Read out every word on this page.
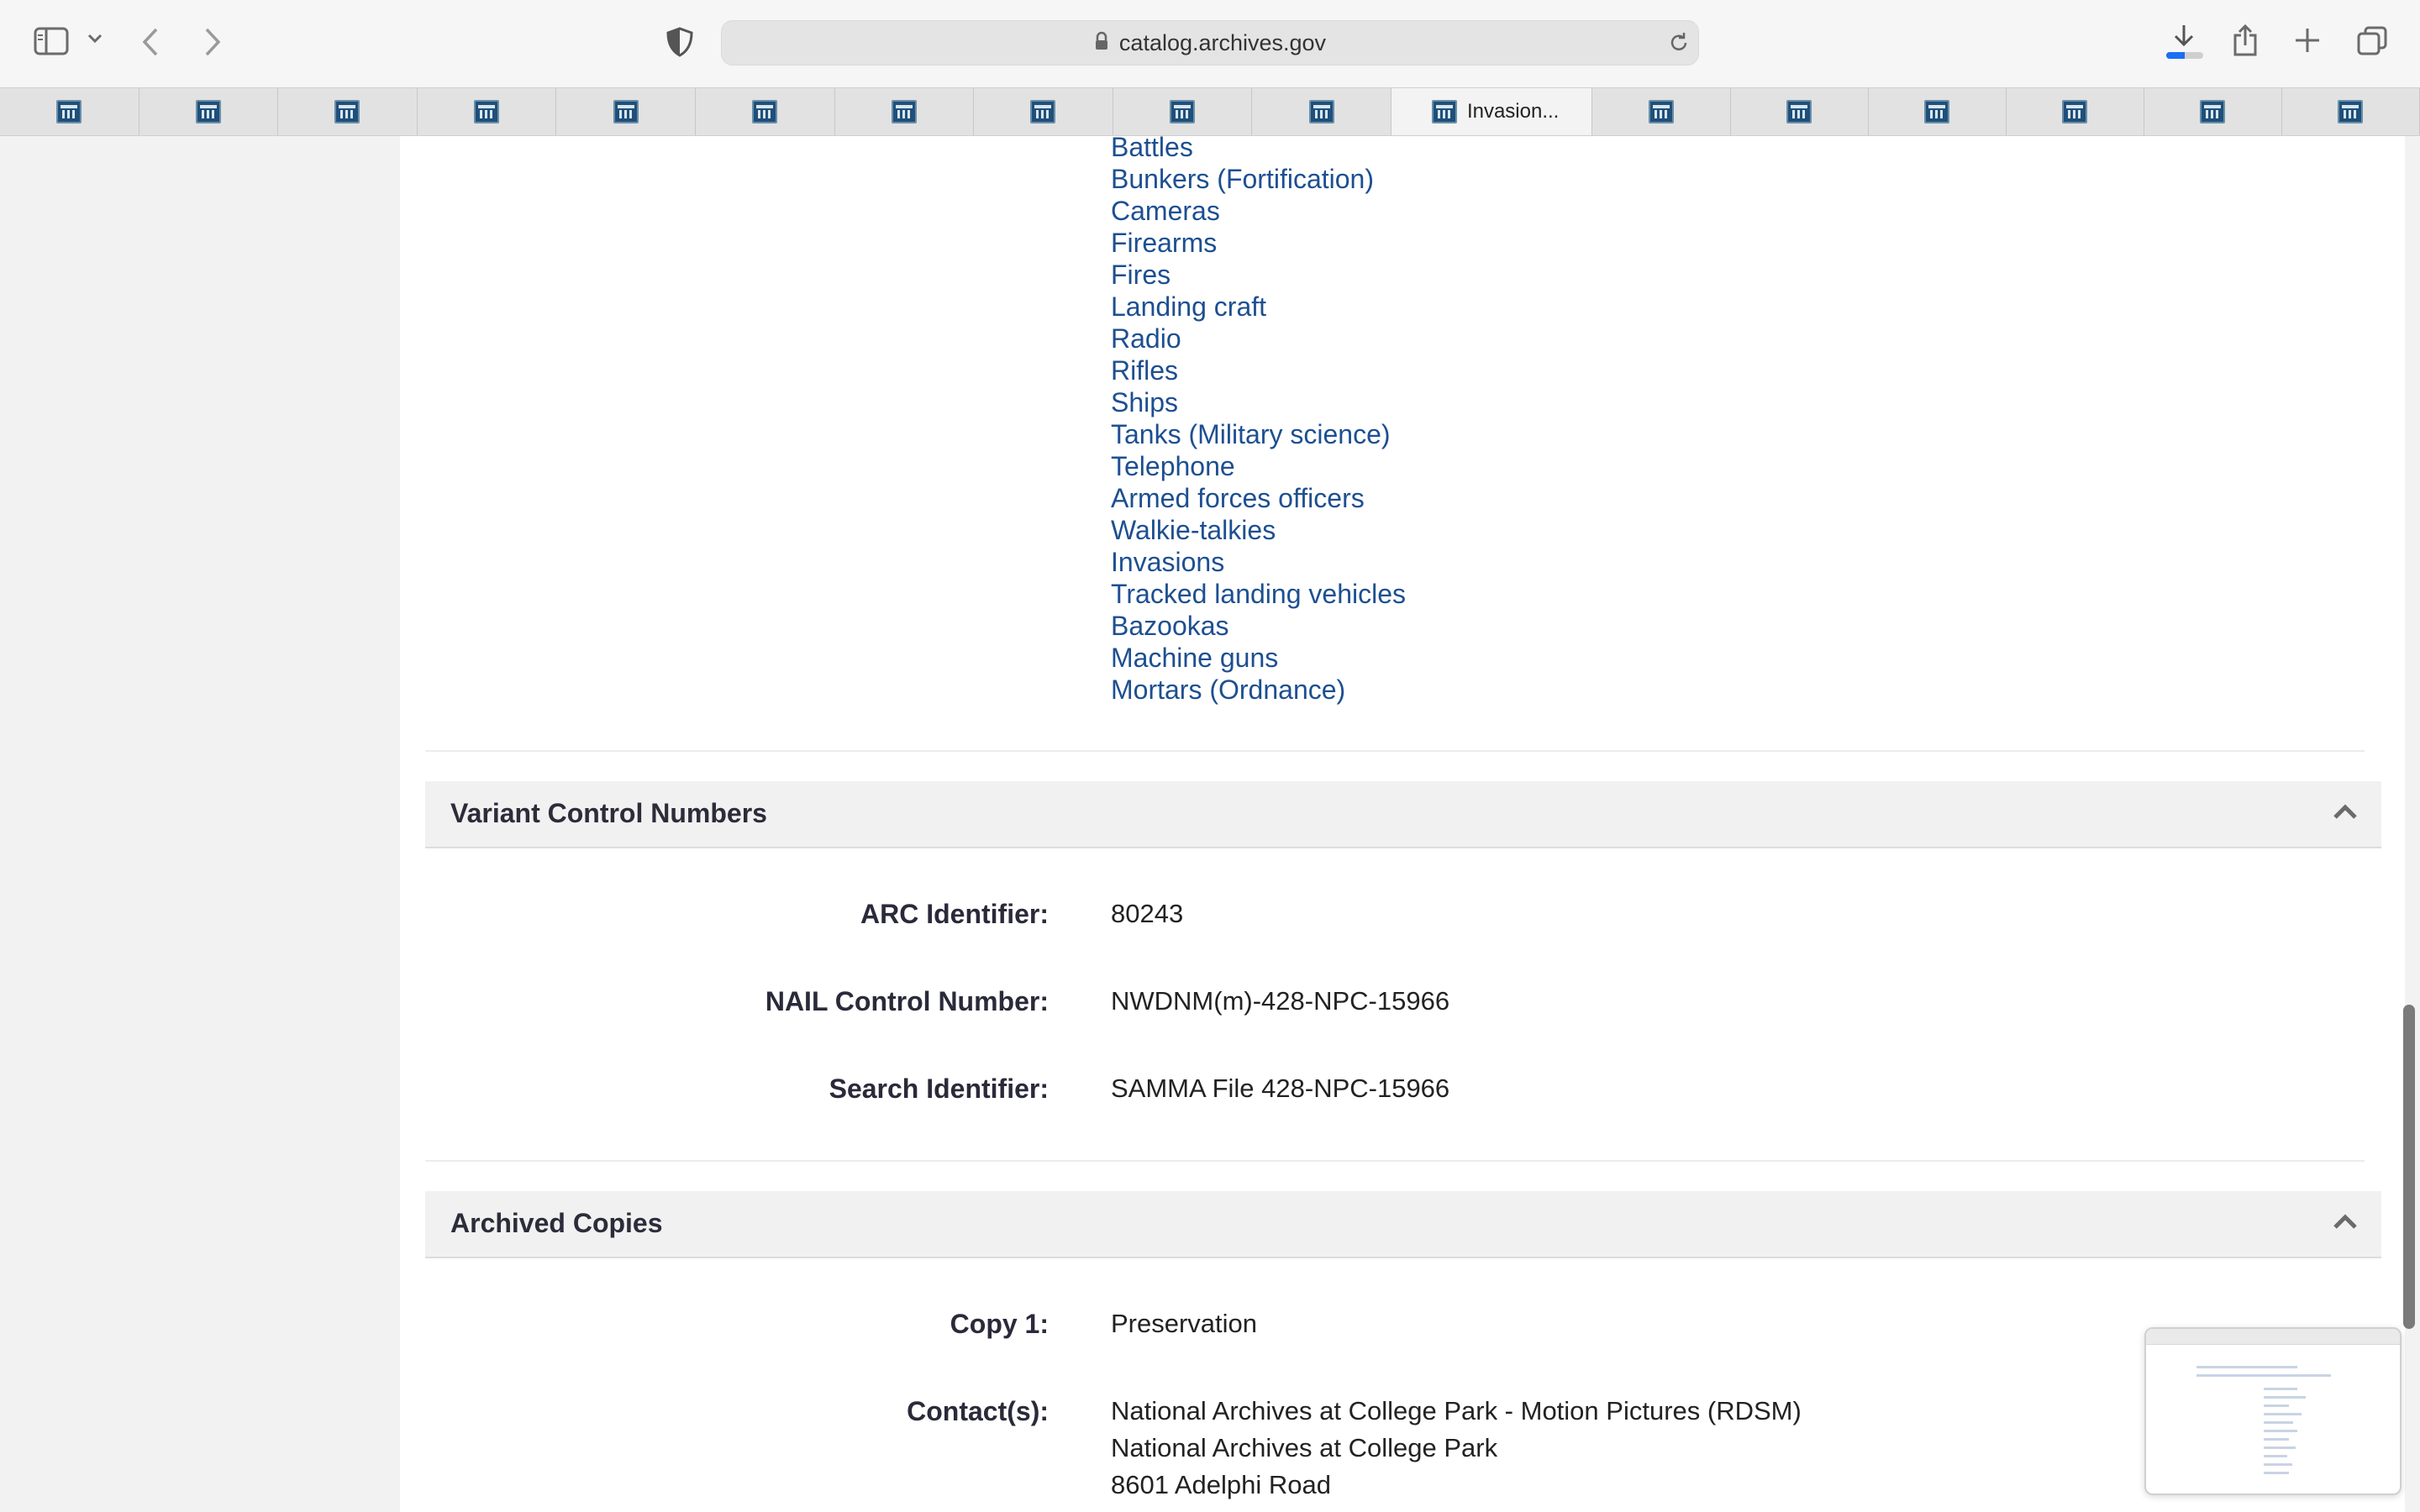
catalog.archives.gov
Invasion...
Battles
Bunkers (Fortification)
Cameras
Firearms
Fires
Landing craft
Radio
Rifles
Ships
Tanks (Military science)
Telephone
Armed forces officers
Walkie-talkies
Invasions
Tracked landing vehicles
Bazookas
Machine guns
Mortars (Ordnance)
Variant Control Numbers
ARC Identifier: 80243
NAIL Control Number: NWDNM(m)-428-NPC-15966
Search Identifier: SAMMA File 428-NPC-15966
Archived Copies
Copy 1: Preservation
Contact(s): National Archives at College Park - Motion Pictures (RDSM)
National Archives at College Park
8601 Adelphi Road
